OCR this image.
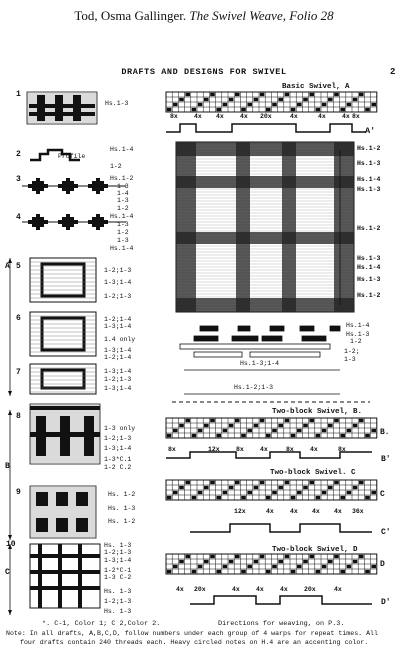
Tod, Osma Gallinger. The Swivel Weave, Folio 28
DRAFTS AND DESIGNS FOR SWIVEL	2
1
2
3
4
5
6
7
8
9
10
Hs.1-3
Profile
Hs.1-4
1-2
Hs.1-2
1-3
1-4
1-3
1-2
Hs.1-4
1-3
1-2
1-3
Hs.1-4
1-2;1-3
1-3;1-4
1-2;1-3
1-2;1-4
1-3;1-4
1.4 only
1-3;1-4
1-2;1-4
1-3;1-4
1-2;1-3
1-3;1-4
1-3 only
1-2;1-3
1-3;1-4
1-3*C.1
1-2 C.2
Hs. 1-2
Hs. 1-3
Hs. 1-2
Hs. 1-3
1-2;1-3
1-3;1-4
1-2*C-1
1-3 C-2
Hs. 1-3
1-2;1-3
Hs. 1-3
A
B
C
Basic Swivel, A
A'
8x 4x 4x 4x 20x	4x	4x 4x 8x
Hs.1-2
Hs.1-3
Hs.1-4
Hs.1-3
Hs.1-2
Hs.1-3
Hs.1-4
Hs.1-3
Hs.1-2
Hs.1-4
Hs.1-3
1-2
1-2;
1-3
Hs.1-3;1-4
Hs.1-2;1-3
Two-block Swivel, B.
B.
B'
8x	12x	8x 4x	8x 4x	8x
Two-block Swivel. C
C
C'
12x	4x 4x 4x 4x 36x
Two-block Swivel, D
D
D'
4x 20x	4x 4x 4x 20x	4x
*. C-1, Color 1; C 2,Color 2.	Directions for weaving, on P.3.
Note: In all drafts, A,B,C,D, follow numbers under each group of 4 warps for repeat times. All
four drafts contain 240 threads each. Heavy circled notes on H.4 are an accenting color.
